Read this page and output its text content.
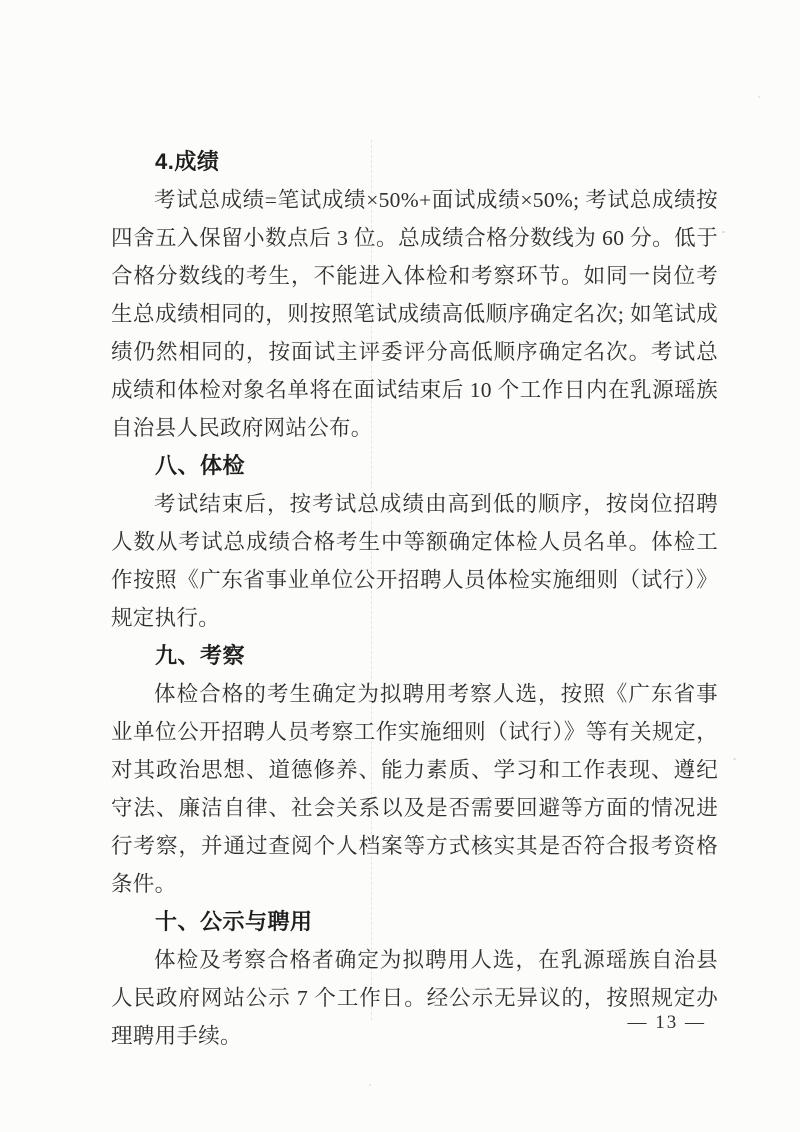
4.成绩

考试总成绩=笔试成绩×50%+面试成绩×50%; 考试总成绩按四舍五入保留小数点后 3 位。总成绩合格分数线为 60 分。低于合格分数线的考生，不能进入体检和考察环节。如同一岗位考生总成绩相同的，则按照笔试成绩高低顺序确定名次; 如笔试成绩仍然相同的，按面试主评委评分高低顺序确定名次。考试总成绩和体检对象名单将在面试结束后 10 个工作日内在乳源瑶族自治县人民政府网站公布。

八、体检

考试结束后，按考试总成绩由高到低的顺序，按岗位招聘人数从考试总成绩合格考生中等额确定体检人员名单。体检工作按照《广东省事业单位公开招聘人员体检实施细则（试行）》规定执行。

九、考察

体检合格的考生确定为拟聘用考察人选，按照《广东省事业单位公开招聘人员考察工作实施细则（试行）》等有关规定，对其政治思想、道德修养、能力素质、学习和工作表现、遵纪守法、廉洁自律、社会关系以及是否需要回避等方面的情况进行考察，并通过查阅个人档案等方式核实其是否符合报考资格条件。

十、公示与聘用

体检及考察合格者确定为拟聘用人选，在乳源瑶族自治县人民政府网站公示 7 个工作日。经公示无异议的，按照规定办理聘用手续。

— 13 —
